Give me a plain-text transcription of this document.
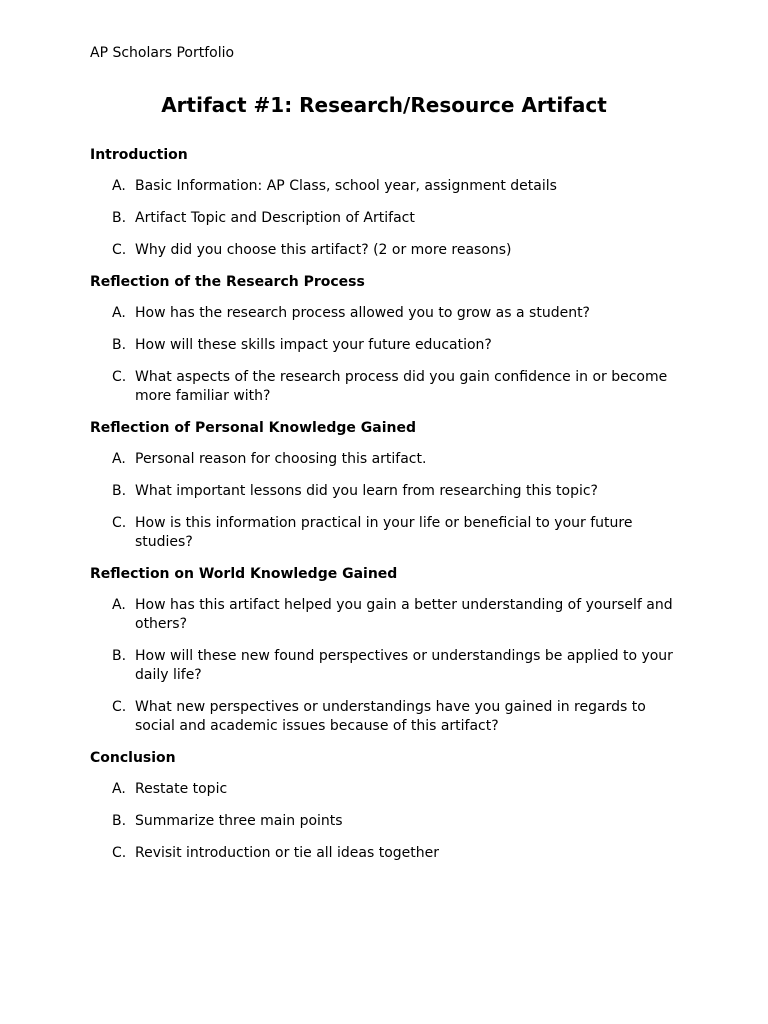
AP Scholars Portfolio

Artifact #1: Research/Resource Artifact
Introduction
A. Basic Information: AP Class, school year, assignment details
B. Artifact Topic and Description of Artifact
C. Why did you choose this artifact? (2 or more reasons)
Reflection of the Research Process
A. How has the research process allowed you to grow as a student?
B. How will these skills impact your future education?
C. What aspects of the research process did you gain confidence in or become more familiar with?
Reflection of Personal Knowledge Gained
A. Personal reason for choosing this artifact.
B. What important lessons did you learn from researching this topic?
C. How is this information practical in your life or beneficial to your future studies?
Reflection on World Knowledge Gained
A. How has this artifact helped you gain a better understanding of yourself and others?
B. How will these new found perspectives or understandings be applied to your daily life?
C. What new perspectives or understandings have you gained in regards to social and academic issues because of this artifact?
Conclusion
A. Restate topic
B. Summarize three main points
C. Revisit introduction or tie all ideas together
